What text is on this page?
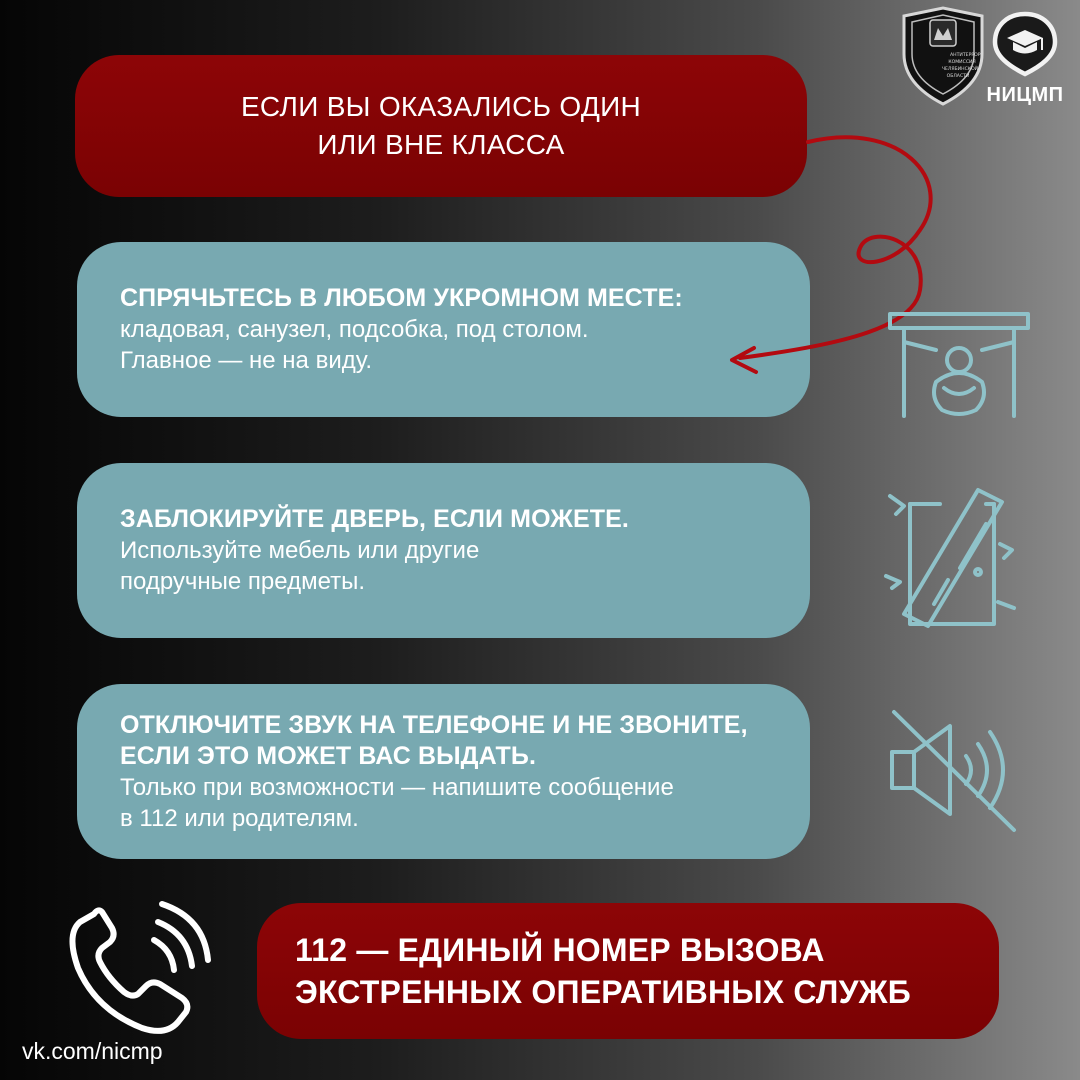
АНТИТЕРРОР.
КОМИССИЯ
ЧЕЛЯБИНСКОЙ
ОБЛАСТИ
НИЦМП
ЕСЛИ ВЫ ОКАЗАЛИСЬ ОДИН
ИЛИ ВНЕ КЛАССА
СПРЯЧЬТЕСЬ В ЛЮБОМ УКРОМНОМ МЕСТЕ:
кладовая, санузел, подсобка, под столом.
Главное — не на виду.
ЗАБЛОКИРУЙТЕ ДВЕРЬ, ЕСЛИ МОЖЕТЕ.
Используйте мебель или другие
подручные предметы.
ОТКЛЮЧИТЕ ЗВУК НА ТЕЛЕФОНЕ И НЕ ЗВОНИТЕ,
ЕСЛИ ЭТО МОЖЕТ ВАС ВЫДАТЬ.
Только при возможности — напишите сообщение
в 112 или родителям.
112 — ЕДИНЫЙ НОМЕР ВЫЗОВА
ЭКСТРЕННЫХ ОПЕРАТИВНЫХ СЛУЖБ
vk.com/nicmp
